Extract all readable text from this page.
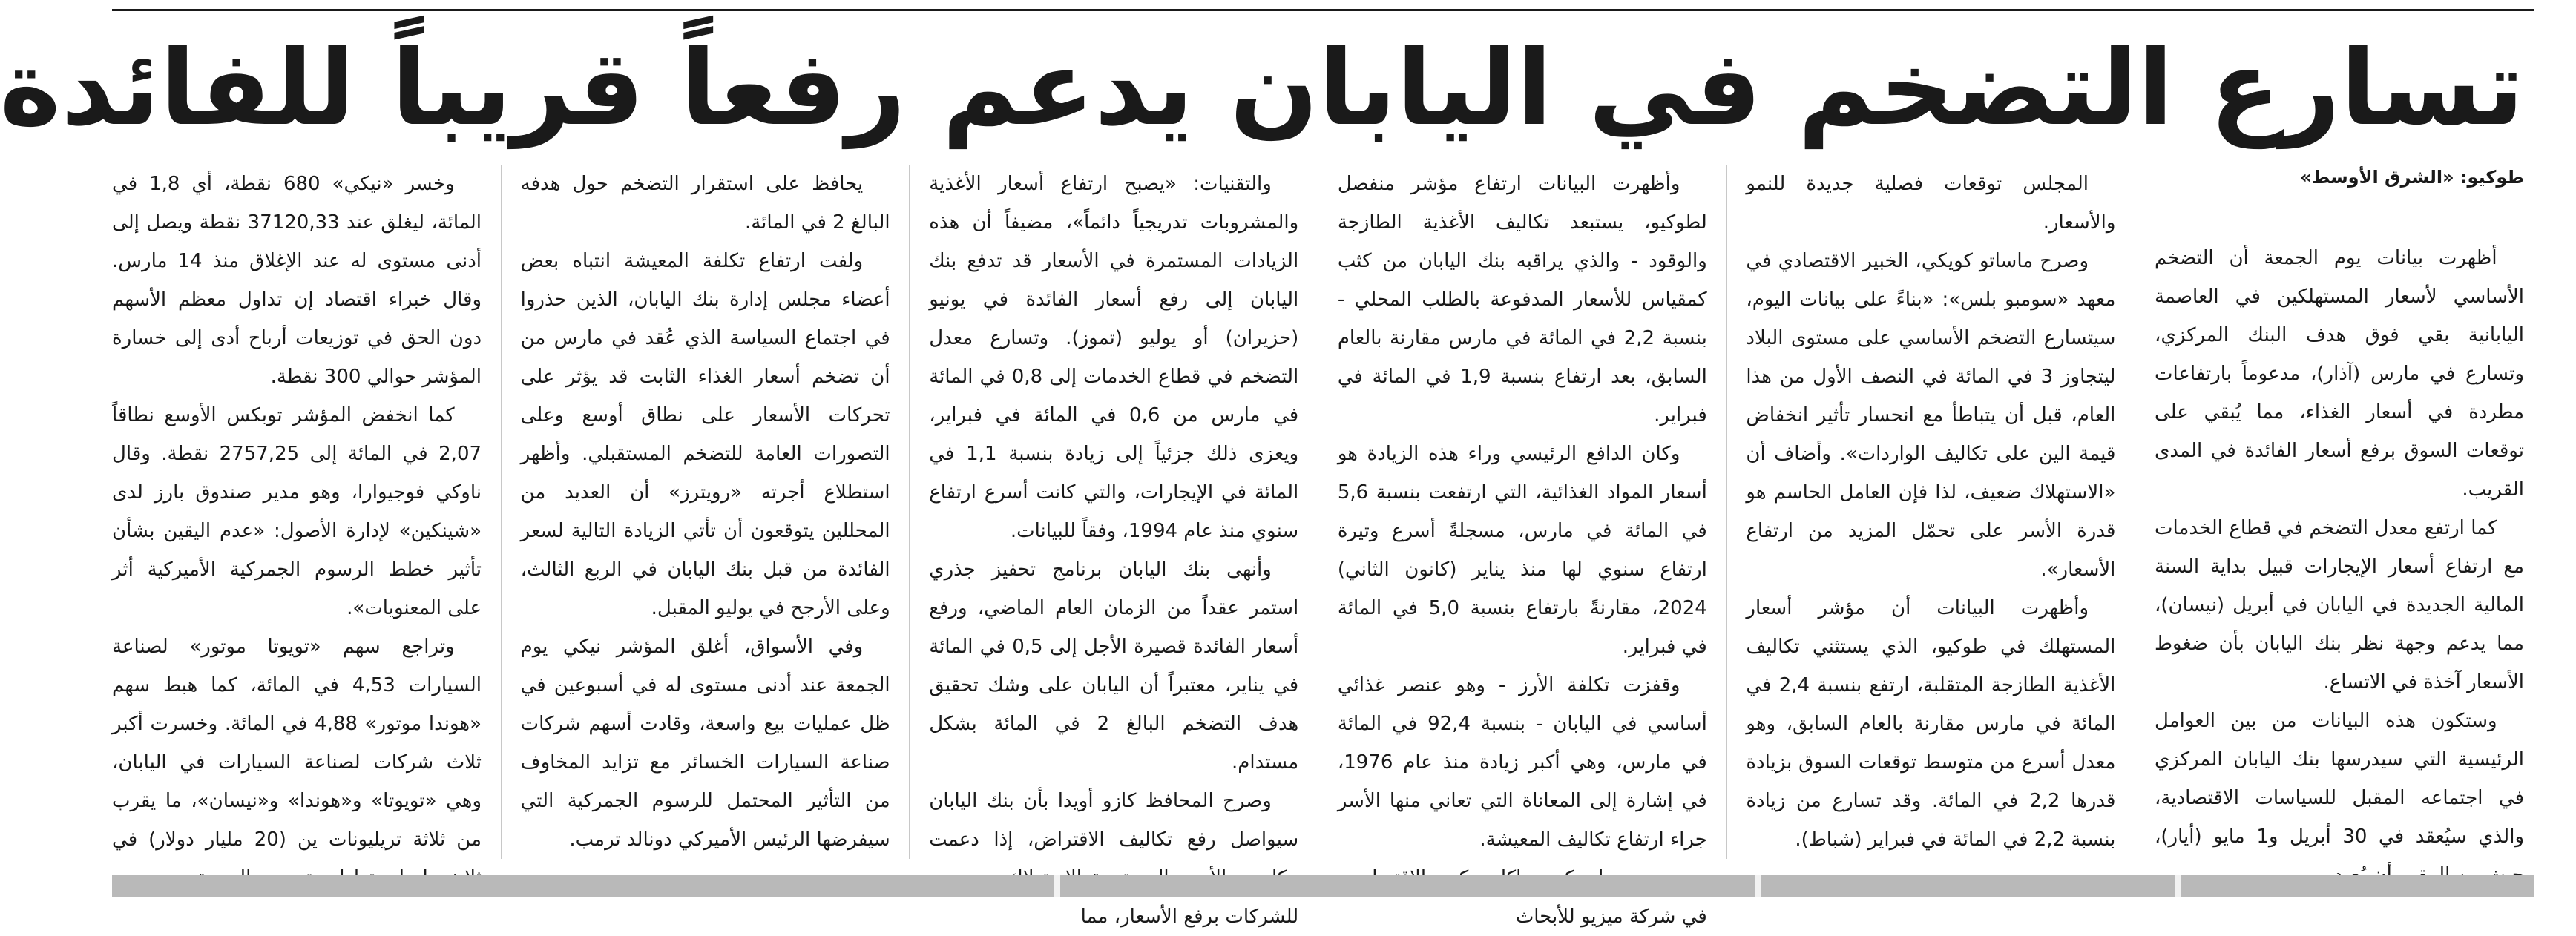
تسارع التضخم في اليابان يدعم رفعاً قريباً للفائدة
طوكيو: «الشرق الأوسط»

أظهرت بيانات يوم الجمعة أن التضخم الأساسي لأسعار المستهلكين في العاصمة اليابانية بقي فوق هدف البنك المركزي، وتسارع في مارس (آذار)، مدعوماً بارتفاعات مطردة في أسعار الغذاء، مما يُبقي على توقعات السوق برفع أسعار الفائدة في المدى القريب.

كما ارتفع معدل التضخم في قطاع الخدمات مع ارتفاع أسعار الإيجارات قبيل بداية السنة المالية الجديدة في اليابان في أبريل (نيسان)، مما يدعم وجهة نظر بنك اليابان بأن ضغوط الأسعار آخذة في الاتساع.

وستكون هذه البيانات من بين العوامل الرئيسية التي سيدرسها بنك اليابان المركزي في اجتماعه المقبل للسياسات الاقتصادية، والذي سيُعقد في 30 أبريل و1 مايو (أيار)،

المجلس توقعات فصلية جديدة للنمو والأسعار.

وصرح ماساتو كويكي، الخبير الاقتصادي في معهد «سومبو بلس»: «بناءً على بيانات اليوم، سيتسارع التضخم الأساسي على مستوى البلاد ليتجاوز 3 في المائة في النصف الأول من هذا العام، قبل أن يتباطأ مع انحسار تأثير انخفاض قيمة الين على تكاليف الواردات». وأضاف أن «الاستهلاك ضعيف، لذا فإن العامل الحاسم هو قدرة الأسر على تحمّل المزيد من ارتفاع الأسعار».

وأظهرت البيانات أن مؤشر أسعار المستهلك في طوكيو، الذي يستثني تكاليف الأغذية الطازجة المتقلبة، ارتفع بنسبة 2,4 في المائة في مارس مقارنة بالعام السابق، وهو معدل أسرع من متوسط توقعات السوق بزيادة قدرها 2,2 في المائة. وقد تسارع من زيادة بنسبة 2,2 في المائة في فبراير (شباط).

وأظهرت البيانات ارتفاع مؤشر منفصل لطوكيو، يستبعد تكاليف الأغذية الطازجة والوقود - والذي يراقبه بنك اليابان من كثب كمقياس للأسعار المدفوعة بالطلب المحلي - بنسبة 2,2 في المائة في مارس مقارنة بالعام السابق، بعد ارتفاع بنسبة 1,9 في المائة في فبراير.

وكان الدافع الرئيسي وراء هذه الزيادة هو أسعار المواد الغذائية، التي ارتفعت بنسبة 5,6 في المائة في مارس، مسجلةً أسرع وتيرة ارتفاع سنوي لها منذ يناير (كانون الثاني) 2024، مقارنةً بارتفاع بنسبة 5,0 في المائة في فبراير.

وقفزت تكلفة الأرز - وهو عنصر غذائي أساسي في اليابان - بنسبة 92,4 في المائة في مارس، وهي أكبر زيادة منذ عام 1976، في إشارة إلى المعاناة التي تعاني منها الأسر جراء ارتفاع تكاليف المعيشة.

في شركة ميزيو للأبحاث

والتقنيات: «يصبح ارتفاع أسعار الأغذية والمشروبات تدريجياً دائماً»، مضيفاً أن هذه الزيادات المستمرة في الأسعار قد تدفع بنك اليابان إلى رفع أسعار الفائدة في يونيو (حزيران) أو يوليو (تموز). وتسارع معدل التضخم في قطاع الخدمات إلى 0,8 في المائة في مارس من 0,6 في المائة في فبراير، ويعزى ذلك جزئياً إلى زيادة بنسبة 1,1 في المائة في الإيجارات، والتي كانت أسرع ارتفاع سنوي منذ عام 1994، وفقاً للبيانات.

وأنهى بنك اليابان برنامج تحفيز جذري استمر عقداً من الزمان العام الماضي، ورفع أسعار الفائدة قصيرة الأجل إلى 0,5 في المائة في يناير، معتبراً أن اليابان على وشك تحقيق هدف التضخم البالغ 2 في المائة بشكل مستدام.

وصرح المحافظ كازو أويدا بأن بنك اليابان سيواصل رفع تكاليف الاقتراض، إذا دعمت للشركات برفع الأسعار، مما

يحافظ على استقرار التضخم حول هدفه البالغ 2 في المائة.

ولفت ارتفاع تكلفة المعيشة انتباه بعض أعضاء مجلس إدارة بنك اليابان، الذين حذروا في اجتماع السياسة الذي عُقد في مارس من أن تضخم أسعار الغذاء الثابت قد يؤثر على تحركات الأسعار على نطاق أوسع وعلى التصورات العامة للتضخم المستقبلي. وأظهر استطلاع أجرته «رويترز» أن العديد من المحللين يتوقعون أن تأتي الزيادة التالية لسعر الفائدة من قبل بنك اليابان في الربع الثالث، وعلى الأرجح في يوليو المقبل.

وفي الأسواق، أغلق المؤشر نيكي يوم الجمعة عند أدنى مستوى له في أسبوعين في ظل عمليات بيع واسعة، وقادت أسهم شركات صناعة السيارات الخسائر مع تزايد المخاوف من التأثير المحتمل للرسوم الجمركية التي سيفرضها الرئيس الأميركي دونالد ترمب.

وخسر «نيكي» 680 نقطة، أي 1,8 في المائة، ليغلق عند 37120,33 نقطة ويصل إلى أدنى مستوى له عند الإغلاق منذ 14 مارس. وقال خبراء اقتصاد إن تداول معظم الأسهم دون الحق في توزيعات أرباح أدى إلى خسارة المؤشر حوالي 300 نقطة.

كما انخفض المؤشر توبكس الأوسع نطاقاً 2,07 في المائة إلى 2757,25 نقطة. وقال ناوكي فوجيوارا، وهو مدير صندوق بارز لدى «شينكين» لإدارة الأصول: «عدم اليقين بشأن تأثير خطط الرسوم الجمركية الأميركية أثر على المعنويات».

وتراجع سهم «تويوتا موتور» لصناعة السيارات 4,53 في المائة، كما هبط سهم «هوندا موتور» 4,88 في المائة. وخسرت أكبر ثلاث شركات لصناعة السيارات في اليابان، وهي «تويوتا» و«هوندا» و«نيسان»، ما يقرب من ثلاثة تريليونات ين (20 مليار دولار) في
